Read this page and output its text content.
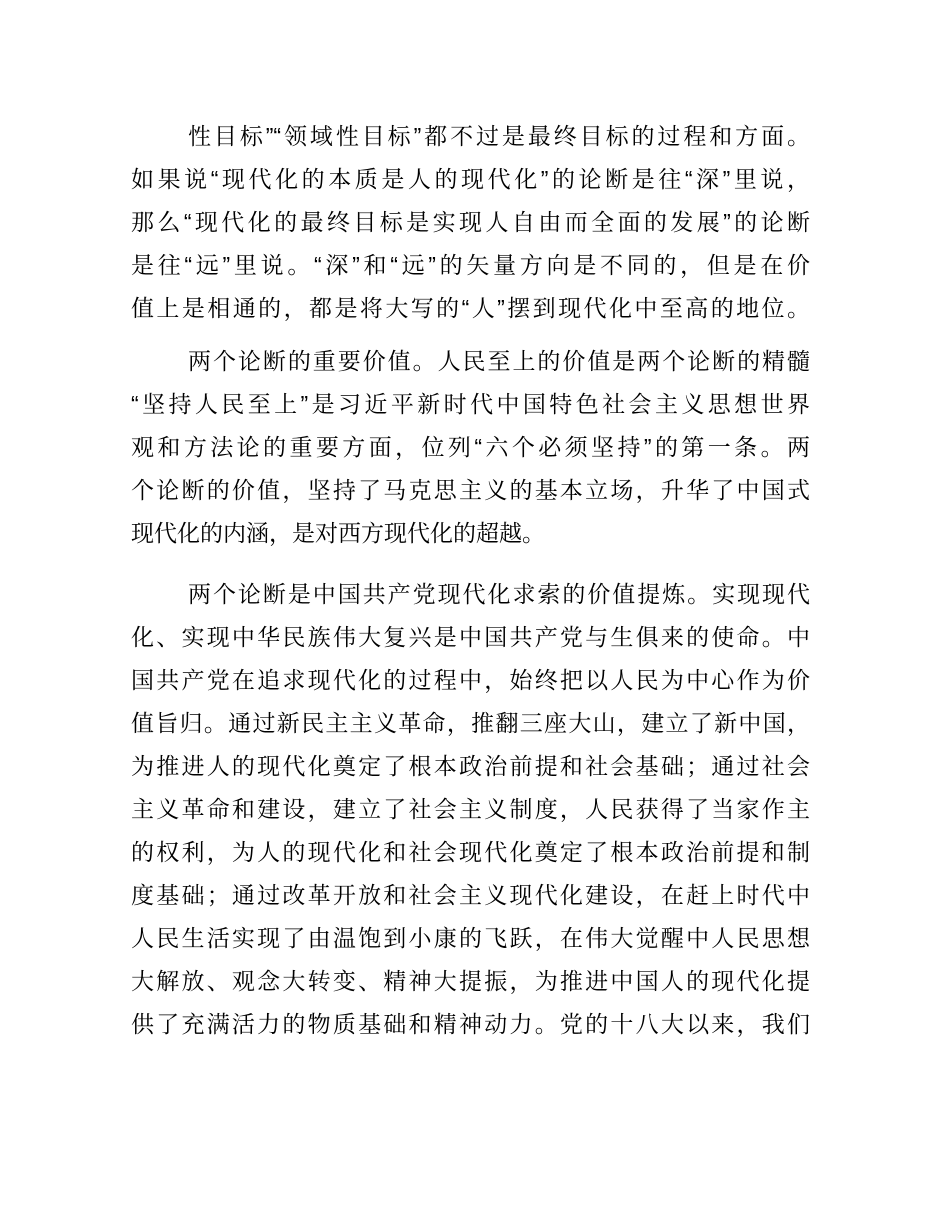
性目标”“领域性目标”都不过是最终目标的过程和方面。
如果说“现代化的本质是人的现代化”的论断是往“深”里说，
那么“现代化的最终目标是实现人自由而全面的发展”的论断
是往“远”里说。“深”和“远”的矢量方向是不同的，但是在价
值上是相通的，都是将大写的“人”摆到现代化中至高的地位。
两个论断的重要价值。人民至上的价值是两个论断的精髓
“坚持人民至上”是习近平新时代中国特色社会主义思想世界
观和方法论的重要方面，位列“六个必须坚持”的第一条。两
个论断的价值，坚持了马克思主义的基本立场，升华了中国式
现代化的内涵，是对西方现代化的超越。
两个论断是中国共产党现代化求索的价值提炼。实现现代
化、实现中华民族伟大复兴是中国共产党与生俱来的使命。中
国共产党在追求现代化的过程中，始终把以人民为中心作为价
值旨归。通过新民主主义革命，推翻三座大山，建立了新中国，
为推进人的现代化奠定了根本政治前提和社会基础；通过社会
主义革命和建设，建立了社会主义制度，人民获得了当家作主
的权利，为人的现代化和社会现代化奠定了根本政治前提和制
度基础；通过改革开放和社会主义现代化建设，在赶上时代中
人民生活实现了由温饱到小康的飞跃，在伟大觉醒中人民思想
大解放、观念大转变、精神大提振，为推进中国人的现代化提
供了充满活力的物质基础和精神动力。党的十八大以来，我们
